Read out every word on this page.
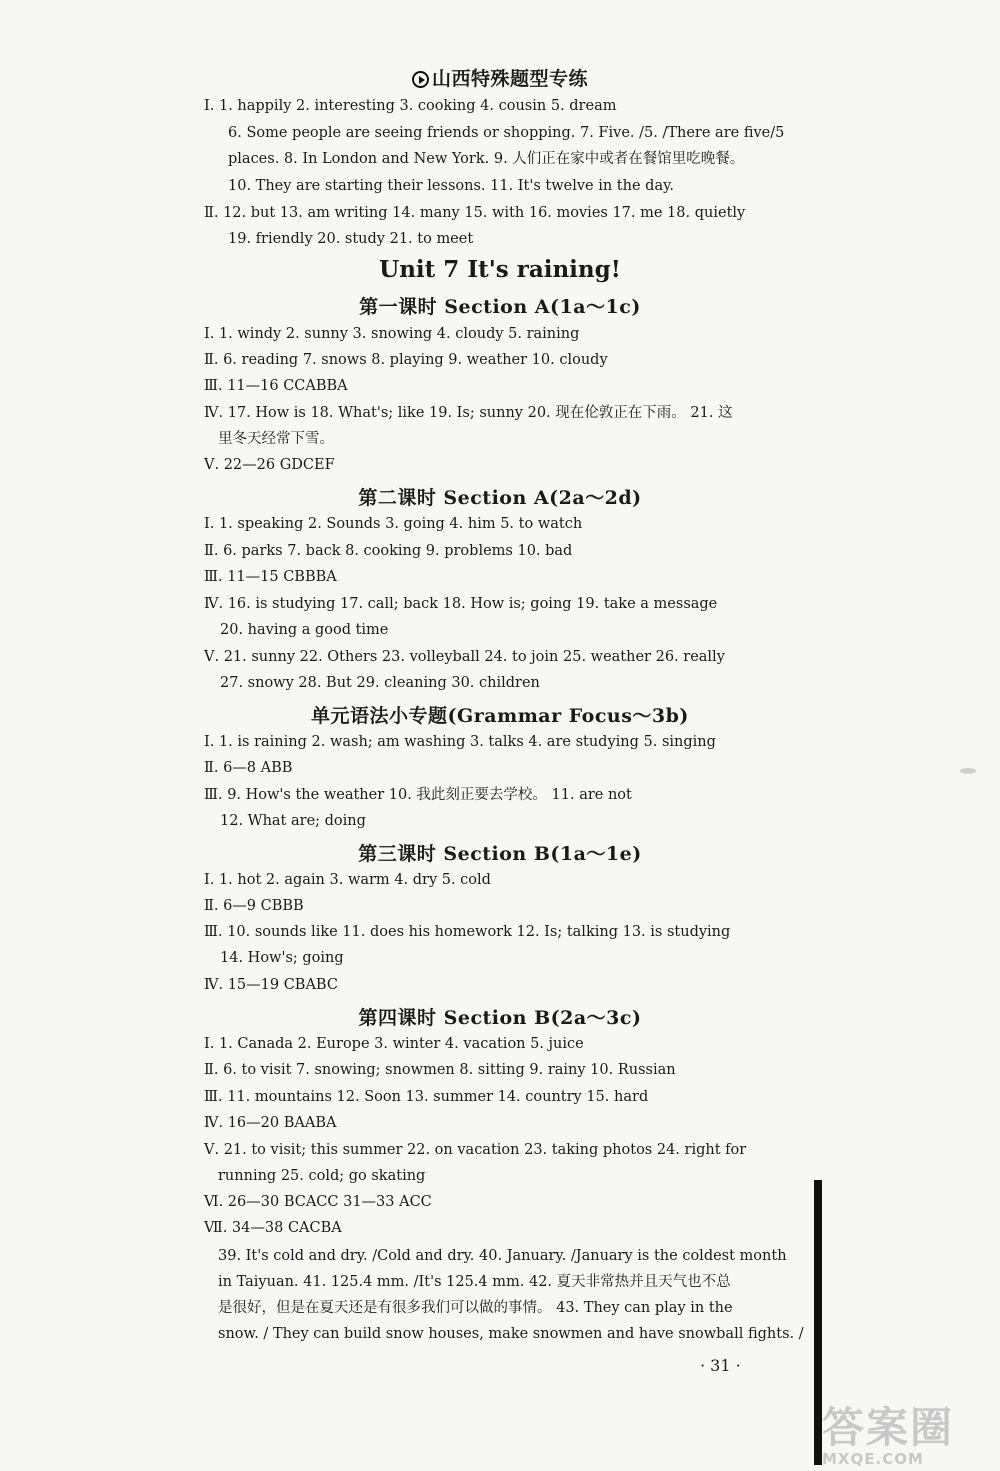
山西特殊题型专练
Ⅰ. 1. happily 2. interesting 3. cooking 4. cousin 5. dream
6. Some people are seeing friends or shopping. 7. Five. /5. /There are five/5
places. 8. In London and New York. 9. 人们正在家中或者在餐馆里吃晚餐。
10. They are starting their lessons. 11. It's twelve in the day.
Ⅱ. 12. but 13. am writing 14. many 15. with 16. movies 17. me 18. quietly
19. friendly 20. study 21. to meet
Unit 7 It's raining!
第一课时 Section A(1a～1c)
Ⅰ. 1. windy 2. sunny 3. snowing 4. cloudy 5. raining
Ⅱ. 6. reading 7. snows 8. playing 9. weather 10. cloudy
Ⅲ. 11—16 CCABBA
Ⅳ. 17. How is 18. What's; like 19. Is; sunny 20. 现在伦敦正在下雨。 21. 这
里冬天经常下雪。
Ⅴ. 22—26 GDCEF
第二课时 Section A(2a～2d)
Ⅰ. 1. speaking 2. Sounds 3. going 4. him 5. to watch
Ⅱ. 6. parks 7. back 8. cooking 9. problems 10. bad
Ⅲ. 11—15 CBBBA
Ⅳ. 16. is studying 17. call; back 18. How is; going 19. take a message
20. having a good time
Ⅴ. 21. sunny 22. Others 23. volleyball 24. to join 25. weather 26. really
27. snowy 28. But 29. cleaning 30. children
单元语法小专题(Grammar Focus～3b)
Ⅰ. 1. is raining 2. wash; am washing 3. talks 4. are studying 5. singing
Ⅱ. 6—8 ABB
Ⅲ. 9. How's the weather 10. 我此刻正要去学校。 11. are not
12. What are; doing
第三课时 Section B(1a～1e)
Ⅰ. 1. hot 2. again 3. warm 4. dry 5. cold
Ⅱ. 6—9 CBBB
Ⅲ. 10. sounds like 11. does his homework 12. Is; talking 13. is studying
14. How's; going
Ⅳ. 15—19 CBABC
第四课时 Section B(2a～3c)
Ⅰ. 1. Canada 2. Europe 3. winter 4. vacation 5. juice
Ⅱ. 6. to visit 7. snowing; snowmen 8. sitting 9. rainy 10. Russian
Ⅲ. 11. mountains 12. Soon 13. summer 14. country 15. hard
Ⅳ. 16—20 BAABA
Ⅴ. 21. to visit; this summer 22. on vacation 23. taking photos 24. right for
running 25. cold; go skating
Ⅵ. 26—30 BCACC 31—33 ACC
Ⅶ. 34—38 CACBA
39. It's cold and dry. /Cold and dry. 40. January. /January is the coldest month
in Taiyuan. 41. 125.4 mm. /It's 125.4 mm. 42. 夏天非常热并且天气也不总
是很好，但是在夏天还是有很多我们可以做的事情。 43. They can play in the
snow. / They can build snow houses, make snowmen and have snowball fights. /
· 31 ·
答案圈
MXQE.COM
